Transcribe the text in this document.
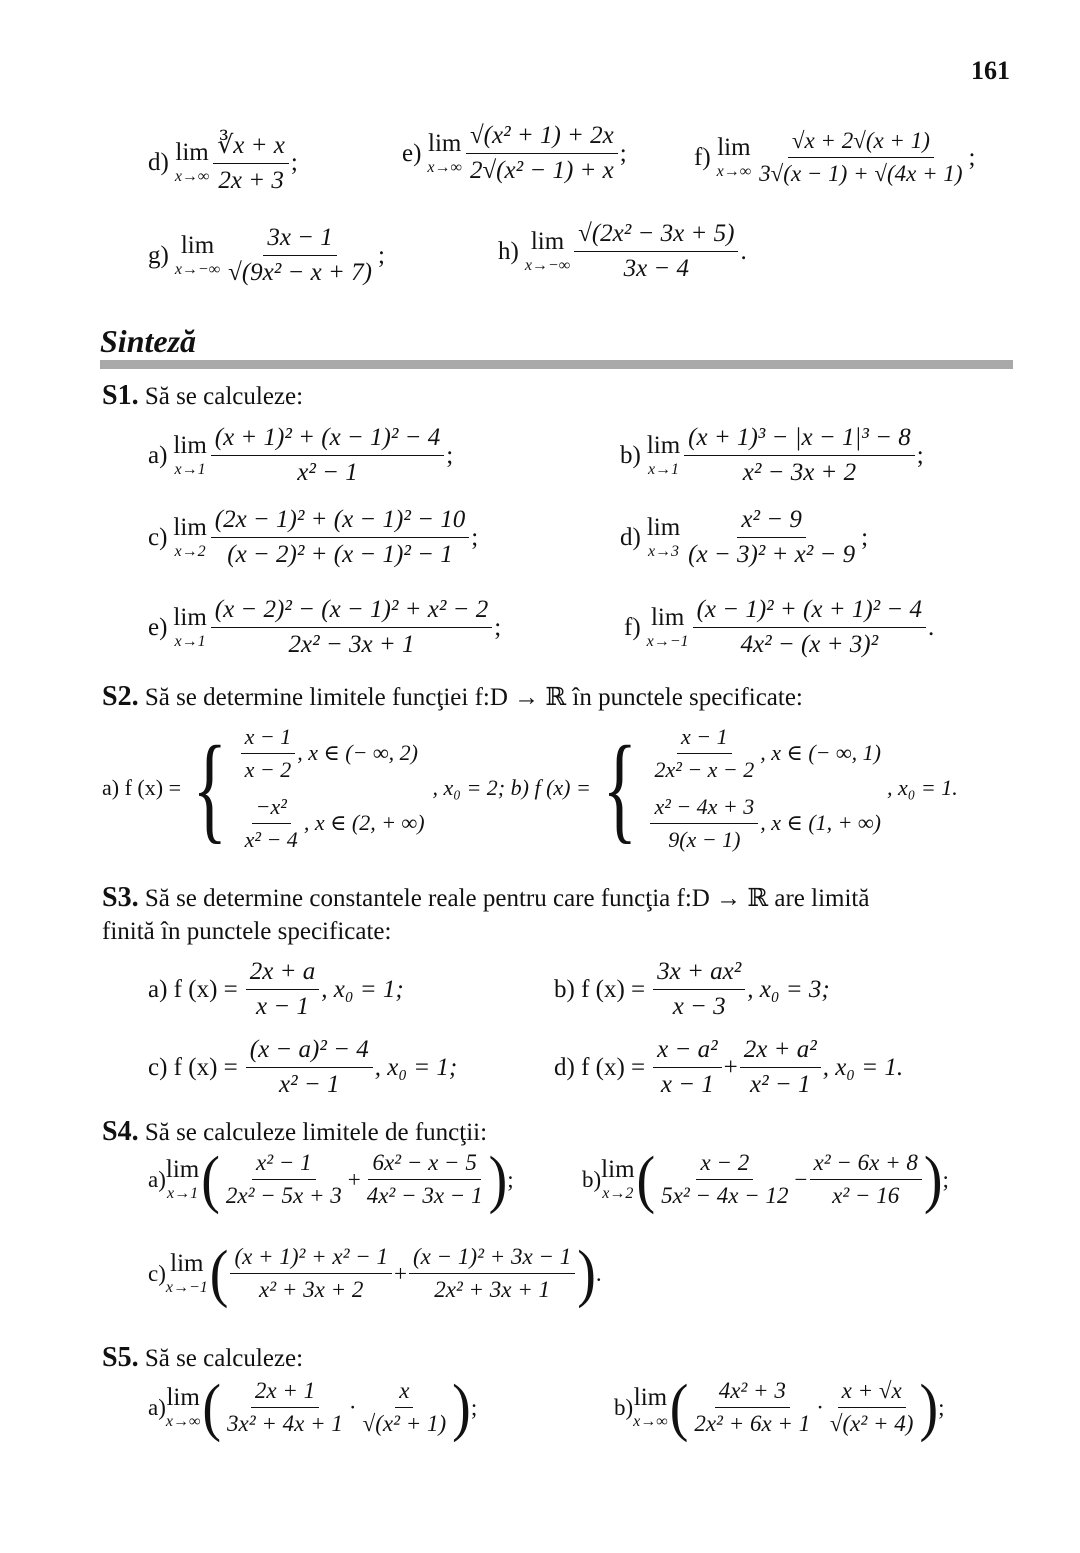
161
d) lim
$x\to\infty \frac{∛x + x}{2x + 3}$ ;	e) lim
$x\to\infty \frac{\text{√(x² + 1) + 2x}}{\text{2√(x² − 1) + x}}$ ;	f) lim
$x\to\infty \frac{√x + 2√(x + 1)}{3√(x - 1) + √(4x + 1)}$ ;
g) lim
$x\to-\infty \frac{3x - 1}{\text{√(9x² − x + 7)}}$ ;	h) lim
$x\to-\infty \frac{\text{√(2x² − 3x + 5)}}{3x - 4}$ .
Sinteză
S1. Să se calculeze:
a) lim
$x\to 1 \frac{\text{(x + 1)² + (x − 1)² − 4}}{\text{x² − 1}}$ ;	b) lim
$x\to 1 \frac{\text{(x + 1)³ − |x − 1|³ − 8}}{\text{x² − 3x + 2}}$ ;
c) lim
$x\to 2 \frac{\text{(2x − 1)² + (x − 1)² − 10}}{\text{(x − 2)² + (x − 1)² − 1}}$ ;	d) lim
$x\to 3 \frac{\text{x² − 9}}{\text{(x − 3)² + x² − 9}}$ ;
e) lim
$x\to 1 \frac{\text{(x − 2)² − (x − 1)² + x² − 2}}{\text{2x² − 3x + 1}}$ ;	f) lim
$x\to-1 \frac{\text{(x − 1)² + (x + 1)² − 4}}{\text{4x² − (x + 3)²}}$ .
S2. Să se determine limitele funcţiei f:D → ℝ în punctele specificate:
a) f (x) = { $\frac{x - 1}{x - 2}$ , x ∈ (− ∞, 2)
$\frac{\text{−x²}}{\text{x² − 4}}$ , x ∈ (2, + ∞)
, x₀ = 2; b) f (x) = { $\frac{x - 1}{\text{2x² − x − 2}}$ , x ∈ (− ∞, 1)
$\frac{\text{x² − 4x + 3}}{9(x - 1)}$ , x ∈ (1, + ∞)
, x₀ = 1.
S3. Să se determine constantele reale pentru care funcţia f:D → ℝ are limită
finită în punctele specificate:
a) f $(x) = \frac{2x + a}{x - 1}$ , x₀ = 1;	b) f $(x) = \frac{\text{3x + ax²}}{x - 3}$ , x₀ = 3;
c) f $(x) = \frac{\text{(x − a)² − 4}}{\text{x² − 1}}$ , x₀ = 1;	d) f $(x) = \frac{\text{x − a²}}{x - 1} + \frac{\text{2x + a²}}{\text{x² − 1}}$ , x₀ = 1.
S4. Să se calculeze limitele de funcţii:
a) lim
x→1 ( $\frac{\text{x² − 1}}{\text{2x² − 5x + 3}} + \frac{\text{6x² − x − 5}}{\text{4x² − 3x − 1}}$ ) ;	b) lim
x→2 ( $\frac{x - 2}{\text{5x² − 4x − 12}} - \frac{\text{x² − 6x + 8}}{\text{x² − 16}}$ ) ;
c) lim
x→−1 ( $\frac{\text{(x + 1)² + x² − 1}}{\text{x² + 3x + 2}} + \frac{\text{(x − 1)² + 3x − 1}}{\text{2x² + 3x + 1}}$ ) .
S5. Să se calculeze:
a) lim
x→∞ ( $\frac{2x + 1}{\text{3x² + 4x + 1}} \cdot \frac{x}{\text{√(x² + 1)}}$ ) ;	b) lim
x→∞ ( $\frac{\text{4x² + 3}}{\text{2x² + 6x + 1}} \cdot \frac{x + √x}{\text{√(x² + 4)}}$ ) ;
